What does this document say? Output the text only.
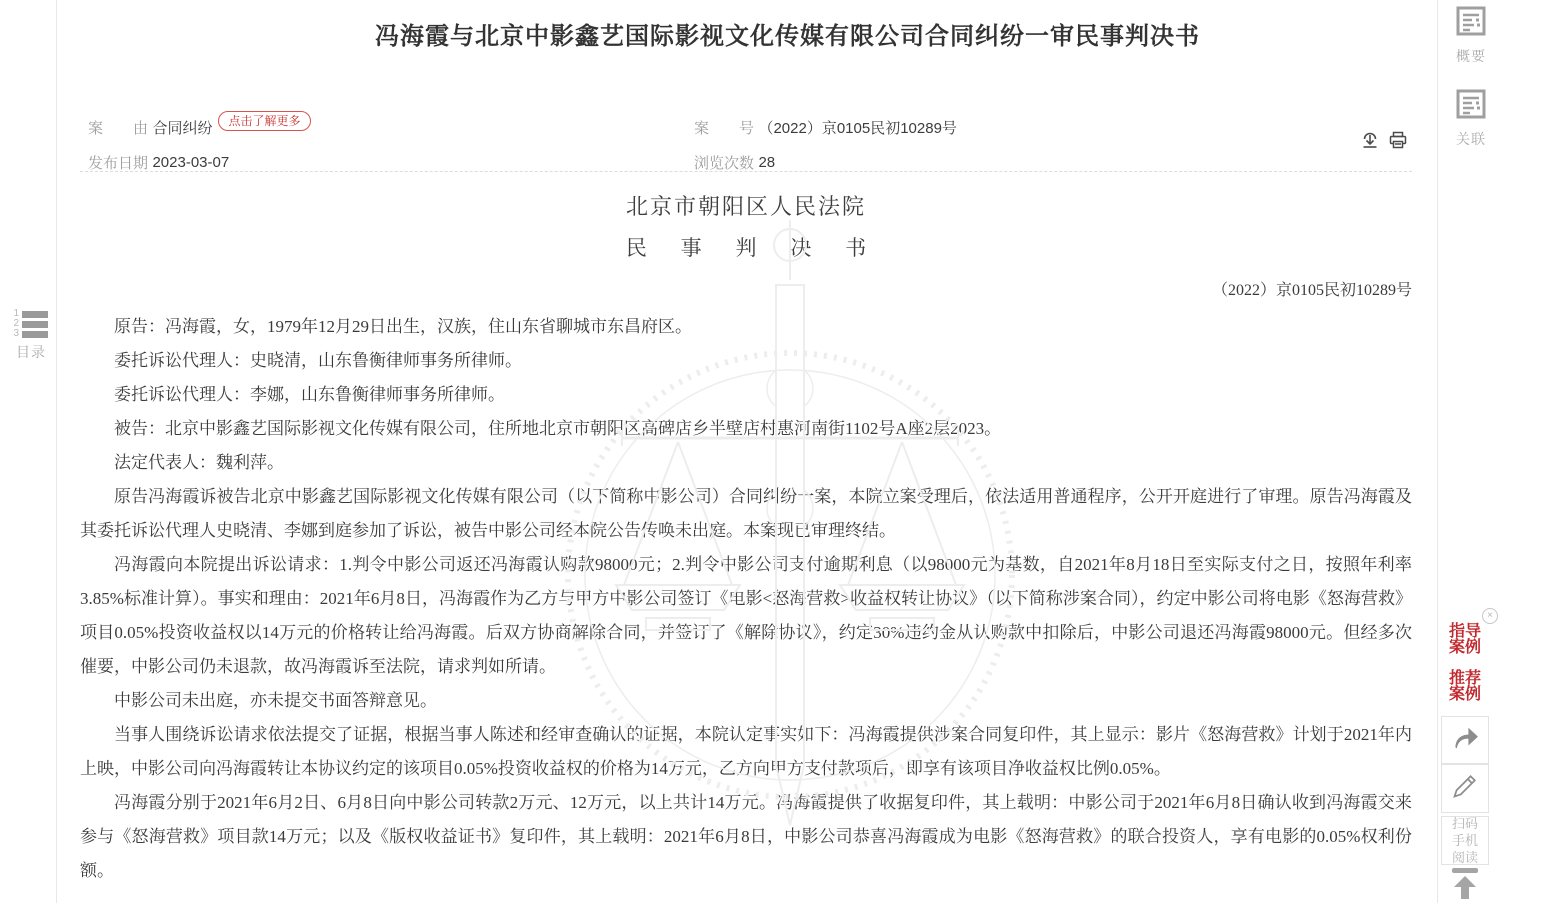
1
2
3
目录
概要
关联
×
指导案例
推荐案例
扫码手机阅读
冯海霞与北京中影鑫艺国际影视文化传媒有限公司合同纠纷一审民事判决书
案　　由 合同纠纷 点击了解更多	案　　号 （2022）京0105民初10289号
发布日期 2023-03-07	浏览次数 28
北京市朝阳区人民法院
民 事 判 决 书
（2022）京0105民初10289号

原告：冯海霞，女，1979年12月29日出生，汉族，住山东省聊城市东昌府区。

委托诉讼代理人：史晓清，山东鲁衡律师事务所律师。

委托诉讼代理人：李娜，山东鲁衡律师事务所律师。

被告：北京中影鑫艺国际影视文化传媒有限公司，住所地北京市朝阳区高碑店乡半壁店村惠河南街1102号A座2层2023。

法定代表人：魏利萍。

原告冯海霞诉被告北京中影鑫艺国际影视文化传媒有限公司（以下简称中影公司）合同纠纷一案，本院立案受理后，依法适用普通程序，公开开庭进行了审理。原告冯海霞及其委托诉讼代理人史晓清、李娜到庭参加了诉讼，被告中影公司经本院公告传唤未出庭。本案现已审理终结。

冯海霞向本院提出诉讼请求：1.判令中影公司返还冯海霞认购款98000元；2.判令中影公司支付逾期利息（以98000元为基数，自2021年8月18日至实际支付之日，按照年利率3.85%标准计算）。事实和理由：2021年6月8日，冯海霞作为乙方与甲方中影公司签订《电影<怒海营救>收益权转让协议》（以下简称涉案合同），约定中影公司将电影《怒海营救》项目0.05%投资收益权以14万元的价格转让给冯海霞。后双方协商解除合同，并签订了《解除协议》，约定30%违约金从认购款中扣除后，中影公司退还冯海霞98000元。但经多次催要，中影公司仍未退款，故冯海霞诉至法院，请求判如所请。

中影公司未出庭，亦未提交书面答辩意见。

当事人围绕诉讼请求依法提交了证据，根据当事人陈述和经审查确认的证据，本院认定事实如下：冯海霞提供涉案合同复印件，其上显示：影片《怒海营救》计划于2021年内上映，中影公司向冯海霞转让本协议约定的该项目0.05%投资收益权的价格为14万元，乙方向甲方支付款项后，即享有该项目净收益权比例0.05%。

冯海霞分别于2021年6月2日、6月8日向中影公司转款2万元、12万元，以上共计14万元。冯海霞提供了收据复印件，其上载明：中影公司于2021年6月8日确认收到冯海霞交来参与《怒海营救》项目款14万元；以及《版权收益证书》复印件，其上载明：2021年6月8日，中影公司恭喜冯海霞成为电影《怒海营救》的联合投资人，享有电影的0.05%权利份额。
